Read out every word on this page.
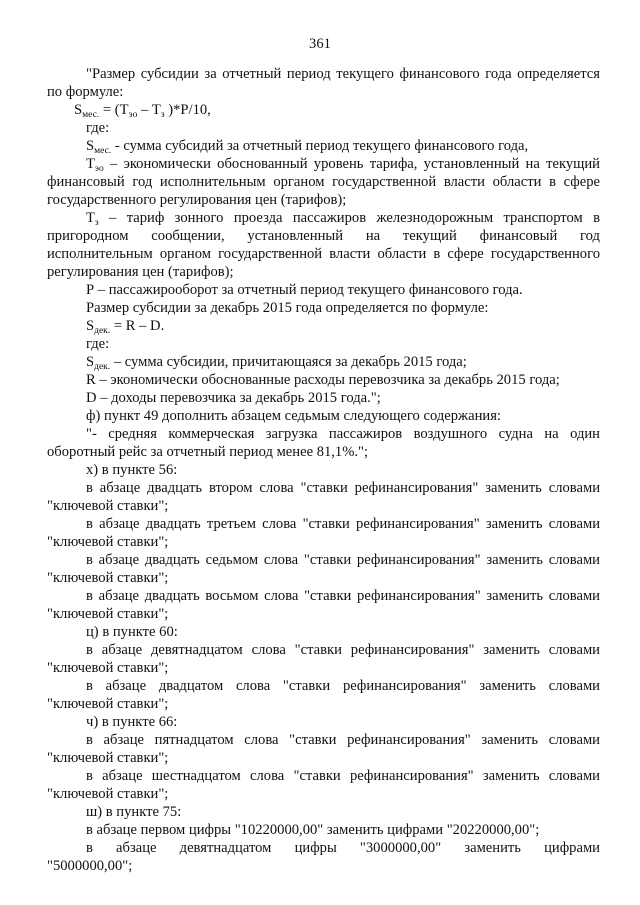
361
"Размер субсидии за отчетный период текущего финансового года определяется
по формуле:
$S_{мес.} = (Т_{эо} - Т_з$ )*P/10,
где:
$S_{мес.}$ - сумма субсидий за отчетный период текущего финансового года,
$Т_{эо}$ – экономически обоснованный уровень тарифа, установленный на текущий
финансовый год исполнительным органом государственной власти области в сфере
государственного регулирования цен (тарифов);
$Т_з$ – тариф зонного проезда пассажиров железнодорожным транспортом в
пригородном сообщении, установленный на текущий финансовый год
исполнительным органом государственной власти области в сфере государственного
регулирования цен (тарифов);
Р – пассажирооборот за отчетный период текущего финансового года.
Размер субсидии за декабрь 2015 года определяется по формуле:
$S_{дек.} = R - D$.
где:
$S_{дек.}$ – сумма субсидии, причитающаяся за декабрь 2015 года;
R – экономически обоснованные расходы перевозчика за декабрь 2015 года;
D – доходы перевозчика за декабрь 2015 года.";
ф) пункт 49 дополнить абзацем седьмым следующего содержания:
"- средняя коммерческая загрузка пассажиров воздушного судна на один
оборотный рейс за отчетный период менее 81,1%.";
х) в пункте 56:
в абзаце двадцать втором слова "ставки рефинансирования" заменить словами
"ключевой ставки";
в абзаце двадцать третьем слова "ставки рефинансирования" заменить словами
"ключевой ставки";
в абзаце двадцать седьмом слова "ставки рефинансирования" заменить словами
"ключевой ставки";
в абзаце двадцать восьмом слова "ставки рефинансирования" заменить словами
"ключевой ставки";
ц) в пункте 60:
в абзаце девятнадцатом слова "ставки рефинансирования" заменить словами
"ключевой ставки";
в абзаце двадцатом слова "ставки рефинансирования" заменить словами
"ключевой ставки";
ч) в пункте 66:
в абзаце пятнадцатом слова "ставки рефинансирования" заменить словами
"ключевой ставки";
в абзаце шестнадцатом слова "ставки рефинансирования" заменить словами
"ключевой ставки";
ш) в пункте 75:
в абзаце первом цифры "10220000,00" заменить цифрами "20220000,00";
в абзаце девятнадцатом цифры "3000000,00" заменить цифрами
"5000000,00";
